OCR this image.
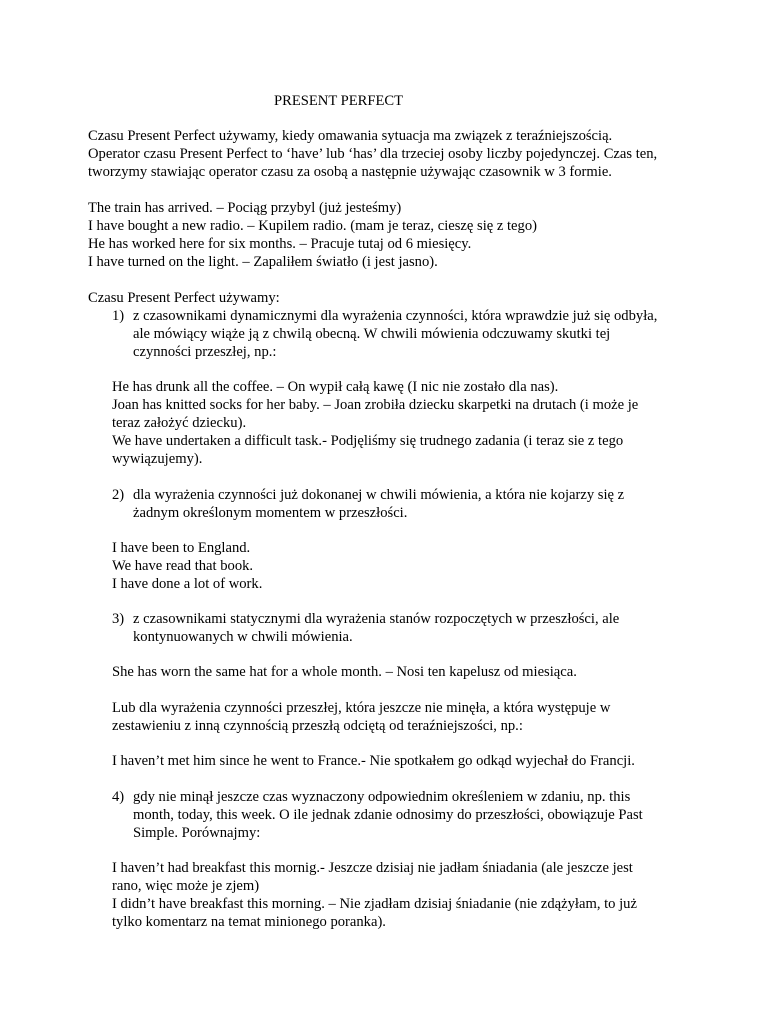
PRESENT PERFECT
Czasu Present Perfect używamy, kiedy omawania sytuacja ma związek z teraźniejszością.
Operator czasu Present Perfect to ‘have’ lub ‘has’ dla trzeciej osoby liczby pojedynczej. Czas ten,
tworzymy stawiając operator czasu za osobą a następnie używając czasownik w 3 formie.
The train has arrived. – Pociąg przybyl (już jesteśmy)
I have bought a new radio. – Kupilem radio. (mam je teraz, cieszę się z tego)
He has worked here for six months. – Pracuje tutaj od 6 miesięcy.
I have turned on the light. – Zapaliłem światło (i jest jasno).
Czasu Present Perfect używamy:
1) z czasownikami dynamicznymi dla wyrażenia czynności, która wprawdzie już się odbyła,
ale mówiący wiąże ją z chwilą obecną. W chwili mówienia odczuwamy skutki tej
czynności przeszłej, np.:
He has drunk all the coffee. – On wypił całą kawę (I nic nie zostało dla nas).
Joan has knitted socks for her baby. – Joan zrobiła dziecku skarpetki na drutach (i może je
teraz założyć dziecku).
We have undertaken a difficult task.- Podjęliśmy się trudnego zadania (i teraz sie z tego
wywiązujemy).
2) dla wyrażenia czynności już dokonanej w chwili mówienia, a która nie kojarzy się z
żadnym określonym momentem w przeszłości.
I have been to England.
We have read that book.
I have done a lot of work.
3) z czasownikami statycznymi dla wyrażenia stanów rozpoczętych w przeszłości, ale
kontynuowanych w chwili mówienia.
She has worn the same hat for a whole month. – Nosi ten kapelusz od miesiąca.
Lub dla wyrażenia czynności przeszłej, która jeszcze nie minęła, a która występuje w
zestawieniu z inną czynnością przeszłą odciętą od teraźniejszości, np.:
I haven’t met him since he went to France.- Nie spotkałem go odkąd wyjechał do Francji.
4) gdy nie minął jeszcze czas wyznaczony odpowiednim określeniem w zdaniu, np. this
month, today, this week. O ile jednak zdanie odnosimy do przeszłości, obowiązuje Past
Simple. Porównajmy:
I haven’t had breakfast this mornig.- Jeszcze dzisiaj nie jadłam śniadania (ale jeszcze jest
rano, więc może je zjem)
I didn’t have breakfast this morning. – Nie zjadłam dzisiaj śniadanie (nie zdążyłam, to już
tylko komentarz na temat minionego poranka).
